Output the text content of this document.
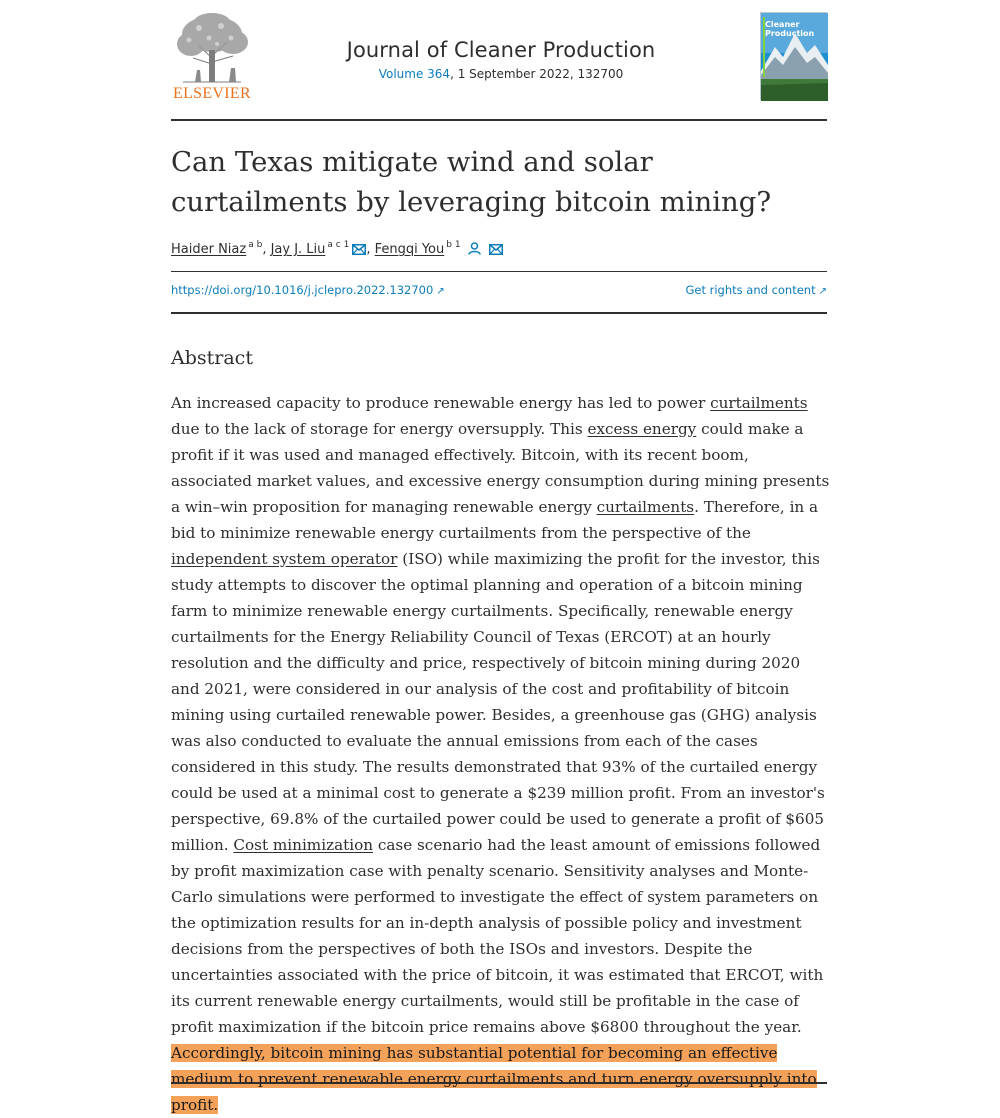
ELSEVIER
Journal of Cleaner Production
Volume 364, 1 September 2022, 132700
Cleaner
Production
Can Texas mitigate wind and solar curtailments by leveraging bitcoin mining?
Haider Niaz $^{a b}$, Jay J. Liu $^{a c 1}$ , Fengqi You $^{b 1}$
https://doi.org/10.1016/j.jclepro.2022.132700 ↗	Get rights and content ↗
Abstract

An increased capacity to produce renewable energy has led to power curtailments due to the lack of storage for energy oversupply. This excess energy could make a profit if it was used and managed effectively. Bitcoin, with its recent boom, associated market values, and excessive energy consumption during mining presents a win–win proposition for managing renewable energy curtailments. Therefore, in a bid to minimize renewable energy curtailments from the perspective of the independent system operator (ISO) while maximizing the profit for the investor, this study attempts to discover the optimal planning and operation of a bitcoin mining farm to minimize renewable energy curtailments. Specifically, renewable energy curtailments for the Energy Reliability Council of Texas (ERCOT) at an hourly resolution and the difficulty and price, respectively of bitcoin mining during 2020 and 2021, were considered in our analysis of the cost and profitability of bitcoin mining using curtailed renewable power. Besides, a greenhouse gas (GHG) analysis was also conducted to evaluate the annual emissions from each of the cases considered in this study. The results demonstrated that 93% of the curtailed energy could be used at a minimal cost to generate a $239 million profit. From an investor's perspective, 69.8% of the curtailed power could be used to generate a profit of $605 million. Cost minimization case scenario had the least amount of emissions followed by profit maximization case with penalty scenario. Sensitivity analyses and Monte-Carlo simulations were performed to investigate the effect of system parameters on the optimization results for an in-depth analysis of possible policy and investment decisions from the perspectives of both the ISOs and investors. Despite the uncertainties associated with the price of bitcoin, it was estimated that ERCOT, with its current renewable energy curtailments, would still be profitable in the case of profit maximization if the bitcoin price remains above $6800 throughout the year. Accordingly, bitcoin mining has substantial potential for becoming an effective medium to prevent renewable energy curtailments and turn energy oversupply into profit.
